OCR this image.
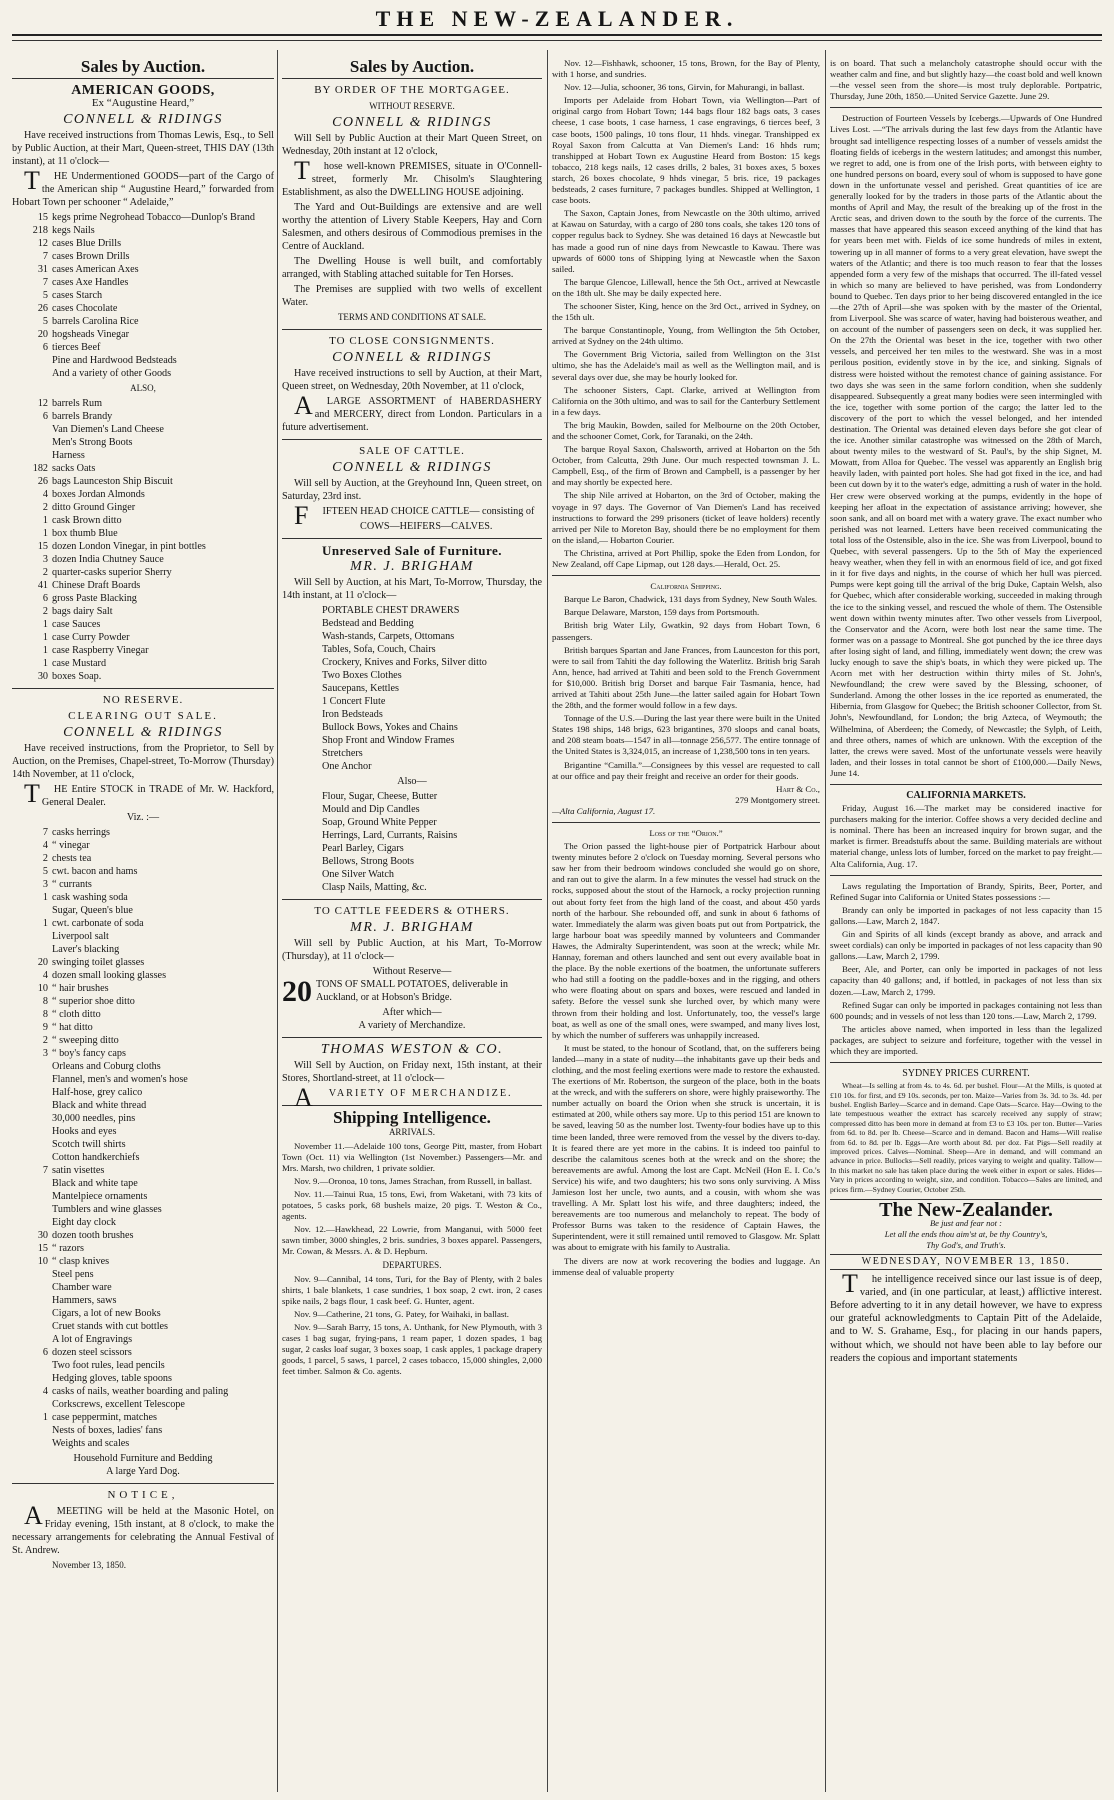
THE NEW-ZEALANDER.
Sales by Auction.
AMERICAN GOODS,
Ex “Augustine Heard,”
CONNELL & RIDINGS

Have received instructions from Thomas Lewis, Esq., to Sell by Public Auction, at their Mart, Queen-street, THIS DAY (13th instant), at 11 o'clock—

THE Undermentioned GOODS—part of the Cargo of the American ship “ Augustine Heard,” forwarded from Hobart Town per schooner “ Adelaide,”

15 kegs prime Negrohead Tobacco—Dunlop's Brand
218 kegs Nails
12 cases Blue Drills
7 cases Brown Drills
31 cases American Axes
7 cases Axe Handles
5 cases Starch
26 cases Chocolate
5 barrels Carolina Rice
20 hogsheads Vinegar
6 tierces Beef
Pine and Hardwood Bedsteads
And a variety of other Goods
ALSO,
12 barrels Rum
6 barrels Brandy
Van Diemen's Land Cheese
Men's Strong Boots
Harness
182 sacks Oats
26 bags Launceston Ship Biscuit
4 boxes Jordan Almonds
2 ditto Ground Ginger
1 cask Brown ditto
1 box thumb Blue
15 dozen London Vinegar, in pint bottles
3 dozen India Chutney Sauce
2 quarter-casks superior Sherry
41 Chinese Draft Boards
6 gross Paste Blacking
2 bags dairy Salt
1 case Sauces
1 case Curry Powder
1 case Raspberry Vinegar
1 case Mustard
30 boxes Soap.
NO RESERVE.
CLEARING OUT SALE.
CONNELL & RIDINGS

Have received instructions, from the Proprietor, to Sell by Auction, on the Premises, Chapel-street, To-Morrow (Thursday) 14th November, at 11 o'clock,

THE Entire STOCK in TRADE of Mr. W. Hackford, General Dealer.

Viz. :—
7 casks herrings
4 “ vinegar
2 chests tea
5 cwt. bacon and hams
3 “ currants
1 cask washing soda
Sugar, Queen's blue
1 cwt. carbonate of soda
Liverpool salt
Laver's blacking
20 swinging toilet glasses
4 dozen small looking glasses
10 “ hair brushes
8 “ superior shoe ditto
8 “ cloth ditto
9 “ hat ditto
2 “ sweeping ditto
3 “ boy's fancy caps
Orleans and Coburg cloths
Flannel, men's and women's hose
Half-hose, grey calico
Black and white thread
30,000 needles, pins
Hooks and eyes
Scotch twill shirts
Cotton handkerchiefs
7 satin visettes
Black and white tape
Mantelpiece ornaments
Tumblers and wine glasses
Eight day clock
30 dozen tooth brushes
15 “ razors
10 “ clasp knives
Steel pens
Chamber ware
Hammers, saws
Cigars, a lot of new Books
Cruet stands with cut bottles
A lot of Engravings
6 dozen steel scissors
Two foot rules, lead pencils
Hedging gloves, table spoons
4 casks of nails, weather boarding and paling
Corkscrews, excellent Telescope
1 case peppermint, matches
Nests of boxes, ladies' fans
Weights and scales
Household Furniture and Bedding
A large Yard Dog.
NOTICE,

AMEETING will be held at the Masonic Hotel, on Friday evening, 15th instant, at 8 o'clock, to make the necessary arrangements for celebrating the Annual Festival of St. Andrew.

November 13, 1850.
Sales by Auction.
BY ORDER OF THE MORTGAGEE.
WITHOUT RESERVE.
CONNELL & RIDINGS

Will Sell by Public Auction at their Mart Queen Street, on Wednesday, 20th instant at 12 o'clock,

Those well-known PREMISES, situate in O'Connell-street, formerly Mr. Chisolm's Slaughtering Establishment, as also the DWELLING HOUSE adjoining.

The Yard and Out-Buildings are extensive and are well worthy the attention of Livery Stable Keepers, Hay and Corn Salesmen, and others desirous of Commodious premises in the Centre of Auckland.

The Dwelling House is well built, and comfortably arranged, with Stabling attached suitable for Ten Horses.

The Premises are supplied with two wells of excellent Water.

TERMS AND CONDITIONS AT SALE.
TO CLOSE CONSIGNMENTS.
CONNELL & RIDINGS

Have received instructions to sell by Auction, at their Mart, Queen street, on Wednesday, 20th November, at 11 o'clock,

ALARGE ASSORTMENT of HABERDASHERY and MERCERY, direct from London. Particulars in a future advertisement.

SALE OF CATTLE.
CONNELL & RIDINGS

Will sell by Auction, at the Greyhound Inn, Queen street, on Saturday, 23rd inst.

FIFTEEN HEAD CHOICE CATTLE— consisting of

COWS—HEIFERS—CALVES.
Unreserved Sale of Furniture.
MR. J. BRIGHAM

Will Sell by Auction, at his Mart, To-Morrow, Thursday, the 14th instant, at 11 o'clock—

PORTABLE CHEST DRAWERS
Bedstead and Bedding
Wash-stands, Carpets, Ottomans
Tables, Sofa, Couch, Chairs
Crockery, Knives and Forks, Silver ditto
Two Boxes Clothes
Saucepans, Kettles
1 Concert Flute
Iron Bedsteads
Bullock Bows, Yokes and Chains
Shop Front and Window Frames
Stretchers
One Anchor
Also—
Flour, Sugar, Cheese, Butter
Mould and Dip Candles
Soap, Ground White Pepper
Herrings, Lard, Currants, Raisins
Pearl Barley, Cigars
Bellows, Strong Boots
One Silver Watch
Clasp Nails, Matting, &c.
TO CATTLE FEEDERS & OTHERS.
MR. J. BRIGHAM

Will sell by Public Auction, at his Mart, To-Morrow (Thursday), at 11 o'clock—

Without Reserve—
20 TONS OF SMALL POTATOES, deliverable in Auckland, or at Hobson's Bridge.
After which—
A variety of Merchandize.
THOMAS WESTON & CO.

Will Sell by Auction, on Friday next, 15th instant, at their Stores, Shortland-street, at 11 o'clock—

AVARIETY OF MERCHANDIZE.

Shipping Intelligence.
ARRIVALS.

November 11.—Adelaide 100 tons, George Pitt, master, from Hobart Town (Oct. 11) via Wellington (1st November.) Passengers—Mr. and Mrs. Marsh, two children, 1 private soldier.

Nov. 9.—Oronoa, 10 tons, James Strachan, from Russell, in ballast.

Nov. 11.—Tainui Rua, 15 tons, Ewi, from Waketani, with 73 kits of potatoes, 5 casks pork, 68 bushels maize, 20 pigs. T. Weston & Co., agents.

Nov. 12.—Hawkhead, 22 Lowrie, from Manganui, with 5000 feet sawn timber, 3000 shingles, 2 bris. sundries, 3 boxes apparel. Passengers, Mr. Cowan, & Messrs. A. & D. Hepburn.

DEPARTURES.

Nov. 9—Cannibal, 14 tons, Turi, for the Bay of Plenty, with 2 bales shirts, 1 bale blankets, 1 case sundries, 1 box soap, 2 cwt. iron, 2 cases spike nails, 2 bags flour, 1 cask beef. G. Hunter, agent.

Nov. 9—Catherine, 21 tons, G. Patey, for Waihaki, in ballast.

Nov. 9—Sarah Barry, 15 tons, A. Unthank, for New Plymouth, with 3 cases 1 bag sugar, frying-pans, 1 ream paper, 1 dozen spades, 1 bag sugar, 2 casks loaf sugar, 3 boxes soap, 1 cask apples, 1 package drapery goods, 1 parcel, 5 saws, 1 parcel, 2 cases tobacco, 15,000 shingles, 2,000 feet timber. Salmon & Co. agents.

Nov. 12—Fishhawk, schooner, 15 tons, Brown, for the Bay of Plenty, with 1 horse, and sundries.

Nov. 12—Julia, schooner, 36 tons, Girvin, for Mahurangi, in ballast.

Imports per Adelaide from Hobart Town, via Wellington—Part of original cargo from Hobart Town; 144 bags flour 182 bags oats, 3 cases cheese, 1 case boots, 1 case harness, 1 case engravings, 6 tierces beef, 3 case boots, 1500 palings, 10 tons flour, 11 hhds. vinegar. Transhipped ex Royal Saxon from Calcutta at Van Diemen's Land: 16 hhds rum; transhipped at Hobart Town ex Augustine Heard from Boston: 15 kegs tobacco, 218 kegs nails, 12 cases drills, 2 bales, 31 boxes axes, 5 boxes starch, 26 boxes chocolate, 9 hhds vinegar, 5 bris. rice, 19 packages bedsteads, 2 cases furniture, 7 packages bundles. Shipped at Wellington, 1 case boots.

The Saxon, Captain Jones, from Newcastle on the 30th ultimo, arrived at Kawau on Saturday, with a cargo of 280 tons coals, she takes 120 tons of copper regulus back to Sydney. She was detained 16 days at Newcastle but has made a good run of nine days from Newcastle to Kawau. There was upwards of 6000 tons of Shipping lying at Newcastle when the Saxon sailed.

The barque Glencoe, Lillewall, hence the 5th Oct., arrived at Newcastle on the 18th ult. She may be daily expected here.

The schooner Sister, King, hence on the 3rd Oct., arrived in Sydney, on the 15th ult.

The barque Constantinople, Young, from Wellington the 5th October, arrived at Sydney on the 24th ultimo.

The Government Brig Victoria, sailed from Wellington on the 31st ultimo, she has the Adelaide's mail as well as the Wellington mail, and is several days over due, she may be hourly looked for.

The schooner Sisters, Capt. Clarke, arrived at Wellington from California on the 30th ultimo, and was to sail for the Canterbury Settlement in a few days.

The brig Maukin, Bowden, sailed for Melbourne on the 20th October, and the schooner Comet, Cork, for Taranaki, on the 24th.

The barque Royal Saxon, Chalsworth, arrived at Hobarton on the 5th October, from Calcutta, 29th June. Our much respected townsman J. L. Campbell, Esq., of the firm of Brown and Campbell, is a passenger by her and may shortly be expected here.

The ship Nile arrived at Hobarton, on the 3rd of October, making the voyage in 97 days. The Governor of Van Diemen's Land has received instructions to forward the 299 prisoners (ticket of leave holders) recently arrived per Nile to Moreton Bay, should there be no employment for them on the island,— Hobarton Courier.

The Christina, arrived at Port Phillip, spoke the Eden from London, for New Zealand, off Cape Lipmap, out 128 days.—Herald, Oct. 25.

California Shipping.

Barque Le Baron, Chadwick, 131 days from Sydney, New South Wales.

Barque Delaware, Marston, 159 days from Portsmouth.

British brig Water Lily, Gwatkin, 92 days from Hobart Town, 6 passengers.

British barques Spartan and Jane Frances, from Launceston for this port, were to sail from Tahiti the day following the Waterlitz. British brig Sarah Ann, hence, had arrived at Tahiti and been sold to the French Government for $10,000. British brig Dorset and barque Fair Tasmania, hence, had arrived at Tahiti about 25th June—the latter sailed again for Hobart Town the 28th, and the former would follow in a few days.

Tonnage of the U.S.—During the last year there were built in the United States 198 ships, 148 brigs, 623 brigantines, 370 sloops and canal boats, and 208 steam boats—1547 in all—tonnage 256,577. The entire tonnage of the United States is 3,324,015, an increase of 1,238,500 tons in ten years.

Brigantine “Camilla.”—Consignees by this vessel are requested to call at our office and pay their freight and receive an order for their goods.

Hart & Co.,
279 Montgomery street.
—Alta California, August 17.
Loss of the “Orion.”

The Orion passed the light-house pier of Portpatrick Harbour about twenty minutes before 2 o'clock on Tuesday morning. Several persons who saw her from their bedroom windows concluded she would go on shore, and ran out to give the alarm. In a few minutes the vessel had struck on the rocks, supposed about the stout of the Harnock, a rocky projection running out about forty feet from the high land of the coast, and about 450 yards north of the harbour. She rebounded off, and sunk in about 6 fathoms of water. Immediately the alarm was given boats put out from Portpatrick, the large harbour boat was speedily manned by volunteers and Commander Hawes, the Admiralty Superintendent, was soon at the wreck; while Mr. Hannay, foreman and others launched and sent out every available boat in the place. By the noble exertions of the boatmen, the unfortunate sufferers who had still a footing on the paddle-boxes and in the rigging, and others who were floating about on spars and boxes, were rescued and landed in safety. Before the vessel sunk she lurched over, by which many were thrown from their holding and lost. Unfortunately, too, the vessel's large boat, as well as one of the small ones, were swamped, and many lives lost, by which the number of sufferers was unhappily increased.

It must be stated, to the honour of Scotland, that, on the sufferers being landed—many in a state of nudity—the inhabitants gave up their beds and clothing, and the most feeling exertions were made to restore the exhausted. The exertions of Mr. Robertson, the surgeon of the place, both in the boats at the wreck, and with the sufferers on shore, were highly praiseworthy. The number actually on board the Orion when she struck is uncertain, it is estimated at 200, while others say more. Up to this period 151 are known to be saved, leaving 50 as the number lost. Twenty-four bodies have up to this time been landed, three were removed from the vessel by the divers to-day. It is feared there are yet more in the cabins. It is indeed too painful to describe the calamitous scenes both at the wreck and on the shore; the bereavements are awful. Among the lost are Capt. McNeil (Hon E. I. Co.'s Service) his wife, and two daughters; his two sons only surviving. A Miss Jamieson lost her uncle, two aunts, and a cousin, with whom she was travelling. A Mr. Splatt lost his wife, and three daughters; indeed, the bereavements are too numerous and melancholy to repeat. The body of Professor Burns was taken to the residence of Captain Hawes, the Superintendent, were it still remained until removed to Glasgow. Mr. Splatt was about to emigrate with his family to Australia.

The divers are now at work recovering the bodies and luggage. An immense deal of valuable property

is on board. That such a melancholy catastrophe should occur with the weather calm and fine, and but slightly hazy—the coast bold and well known—the vessel seen from the shore—is most truly deplorable. Portpatric, Thursday, June 20th, 1850.—United Service Gazette. June 29.

Destruction of Fourteen Vessels by Icebergs.—Upwards of One Hundred Lives Lost. —“The arrivals during the last few days from the Atlantic have brought sad intelligence respecting losses of a number of vessels amidst the floating fields of icebergs in the western latitudes; and amongst this number, we regret to add, one is from one of the Irish ports, with between eighty to one hundred persons on board, every soul of whom is supposed to have gone down in the unfortunate vessel and perished. Great quantities of ice are generally looked for by the traders in those parts of the Atlantic about the months of April and May, the result of the breaking up of the frost in the Arctic seas, and driven down to the south by the force of the currents. The masses that have appeared this season exceed anything of the kind that has for years been met with. Fields of ice some hundreds of miles in extent, towering up in all manner of forms to a very great elevation, have swept the waters of the Atlantic; and there is too much reason to fear that the losses appended form a very few of the mishaps that occurred. The ill-fated vessel in which so many are believed to have perished, was from Londonderry bound to Quebec. Ten days prior to her being discovered entangled in the ice—the 27th of April—she was spoken with by the master of the Oriental, from Liverpool. She was scarce of water, having had boisterous weather, and on account of the number of passengers seen on deck, it was supplied her. On the 27th the Oriental was beset in the ice, together with two other vessels, and perceived her ten miles to the westward. She was in a most perilous position, evidently stove in by the ice, and sinking. Signals of distress were hoisted without the remotest chance of gaining assistance. For two days she was seen in the same forlorn condition, when she suddenly disappeared. Subsequently a great many bodies were seen intermingled with the ice, together with some portion of the cargo; the latter led to the discovery of the port to which the vessel belonged, and her intended destination. The Oriental was detained eleven days before she got clear of the ice. Another similar catastrophe was witnessed on the 28th of March, about twenty miles to the westward of St. Paul's, by the ship Signet, M. Mowatt, from Alloa for Quebec. The vessel was apparently an English brig heavily laden, with painted port holes. She had got fixed in the ice, and had been cut down by it to the water's edge, admitting a rush of water in the hold. Her crew were observed working at the pumps, evidently in the hope of keeping her afloat in the expectation of assistance arriving; however, she soon sank, and all on board met with a watery grave. The exact number who perished was not learned. Letters have been received communicating the total loss of the Ostensible, also in the ice. She was from Liverpool, bound to Quebec, with several passengers. Up to the 5th of May the experienced heavy weather, when they fell in with an enormous field of ice, and got fixed in it for five days and nights, in the course of which her hull was pierced. Pumps were kept going till the arrival of the brig Duke, Captain Welsh, also for Quebec, which after considerable working, succeeded in making through the ice to the sinking vessel, and rescued the whole of them. The Ostensible went down within twenty minutes after. Two other vessels from Liverpool, the Conservator and the Acorn, were both lost near the same time. The former was on a passage to Montreal. She got punched by the ice three days after losing sight of land, and filling, immediately went down; the crew was lucky enough to save the ship's boats, in which they were picked up. The Acorn met with her destruction within thirty miles of St. John's, Newfoundland; the crew were saved by the Blessing, schooner, of Sunderland. Among the other losses in the ice reported as enumerated, the Hibernia, from Glasgow for Quebec; the British schooner Collector, from St. John's, Newfoundland, for London; the brig Azteca, of Weymouth; the Wilhelmina, of Aberdeen; the Comedy, of Newcastle; the Sylph, of Leith, and three others, names of which are unknown. With the exception of the latter, the crews were saved. Most of the unfortunate vessels were heavily laden, and their losses in total cannot be short of £100,000.—Daily News, June 14.

CALIFORNIA MARKETS.

Friday, August 16.—The market may be considered inactive for purchasers making for the interior. Coffee shows a very decided decline and is nominal. There has been an increased inquiry for brown sugar, and the market is firmer. Breadstuffs about the same. Building materials are without material change, unless lots of lumber, forced on the market to pay freight.—Alta California, Aug. 17.

Laws regulating the Importation of Brandy, Spirits, Beer, Porter, and Refined Sugar into California or United States possessions :—

Brandy can only be imported in packages of not less capacity than 15 gallons.—Law, March 2, 1847.

Gin and Spirits of all kinds (except brandy as above, and arrack and sweet cordials) can only be imported in packages of not less capacity than 90 gallons.—Law, March 2, 1799.

Beer, Ale, and Porter, can only be imported in packages of not less capacity than 40 gallons; and, if bottled, in packages of not less than six dozen.—Law, March 2, 1799.

Refined Sugar can only be imported in packages containing not less than 600 pounds; and in vessels of not less than 120 tons.—Law, March 2, 1799.

The articles above named, when imported in less than the legalized packages, are subject to seizure and forfeiture, together with the vessel in which they are imported.

SYDNEY PRICES CURRENT.

Wheat—Is selling at from 4s. to 4s. 6d. per bushel. Flour—At the Mills, is quoted at £10 10s. for first, and £9 10s. seconds, per ton. Maize—Varies from 3s. 3d. to 3s. 4d. per bushel. English Barley—Scarce and in demand. Cape Oats—Scarce. Hay—Owing to the late tempestuous weather the extract has scarcely received any supply of straw; compressed ditto has been more in demand at from £3 to £3 10s. per ton. Butter—Varies from 6d. to 8d. per lb. Cheese—Scarce and in demand. Bacon and Hams—Will realise from 6d. to 8d. per lb. Eggs—Are worth about 8d. per doz. Fat Pigs—Sell readily at improved prices. Calves—Nominal. Sheep—Are in demand, and will command an advance in price. Bullocks—Sell readily, prices varying to weight and quality. Tallow—In this market no sale has taken place during the week either in export or sales. Hides—Vary in prices according to weight, size, and condition. Tobacco—Sales are limited, and prices firm.—Sydney Courier, October 25th.

The New-Zealander.
Be just and fear not :
Let all the ends thou aim'st at, be thy Country's,
Thy God's, and Truth's.
WEDNESDAY, NOVEMBER 13, 1850.

The intelligence received since our last issue is of deep, varied, and (in one particular, at least,) afflictive interest. Before adverting to it in any detail however, we have to express our grateful acknowledgments to Captain Pitt of the Adelaide, and to W. S. Grahame, Esq., for placing in our hands papers, without which, we should not have been able to lay before our readers the copious and important statements
